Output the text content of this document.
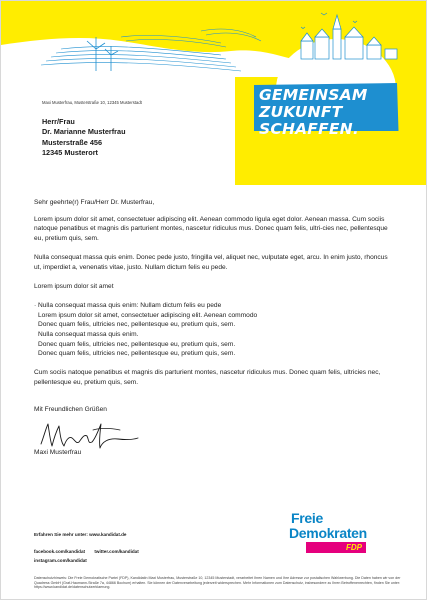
GEMEINSAM
ZUKUNFT
SCHAFFEN.
Maxi Musterfrau, Musterstraße 10, 12345 Musterstadt
Herr/Frau
Dr. Marianne Musterfrau
Musterstraße 456
12345 Musterort

Sehr geehrte(r) Frau/Herr Dr. Musterfrau,

Lorem ipsum dolor sit amet, consectetuer adipiscing elit. Aenean commodo ligula eget dolor. Aenean massa. Cum sociis natoque penatibus et magnis dis parturient montes, nascetur ridiculus mus. Donec quam felis, ultri-cies nec, pellentesque eu, pretium quis, sem.

Nulla consequat massa quis enim. Donec pede justo, fringilla vel, aliquet nec, vulputate eget, arcu. In enim justo, rhoncus ut, imperdiet a, venenatis vitae, justo. Nullam dictum felis eu pede.

Lorem ipsum dolor sit amet

· Nulla consequat massa quis enim: Nullam dictum felis eu pede
Lorem ipsum dolor sit amet, consectetuer adipiscing elit. Aenean commodo
Donec quam felis, ultricies nec, pellentesque eu, pretium quis, sem.
Nulla consequat massa quis enim.
Donec quam felis, ultricies nec, pellentesque eu, pretium quis, sem.
Donec quam felis, ultricies nec, pellentesque eu, pretium quis, sem.

Cum sociis natoque penatibus et magnis dis parturient montes, nascetur ridiculus mus. Donec quam felis, ultricies nec, pellentesque eu, pretium quis, sem.

Mit Freundlichen Grüßen
Maxi Musterfrau
Erfahren Sie mehr unter: www.kandidat.de
facebook.com/kandidat twitter.com/kandidat
instagram.com/kandidat
Datenschutzhinweis: Die Freie Demokratische Partei (FDP), Kandidatin Maxi Musterfrau, Musterstraße 10, 12345 Musterstadt, verarbeitet Ihren Namen und Ihre Adresse zur postalischen Wahlwerbung. Die Daten haben wir von der Quadress GmbH (Graf-Haumann-Straße 7a, 44866 Bochum) erhalten. Sie können der Datenverarbeitung jederzeit widersprechen. Mehr Informationen zum Datenschutz, insbesondere zu Ihren Betroffenenrechten, finden Sie unter: https://www.kandidat.de/datenschutzerklaerung.
Freie
Demokraten
FDP
